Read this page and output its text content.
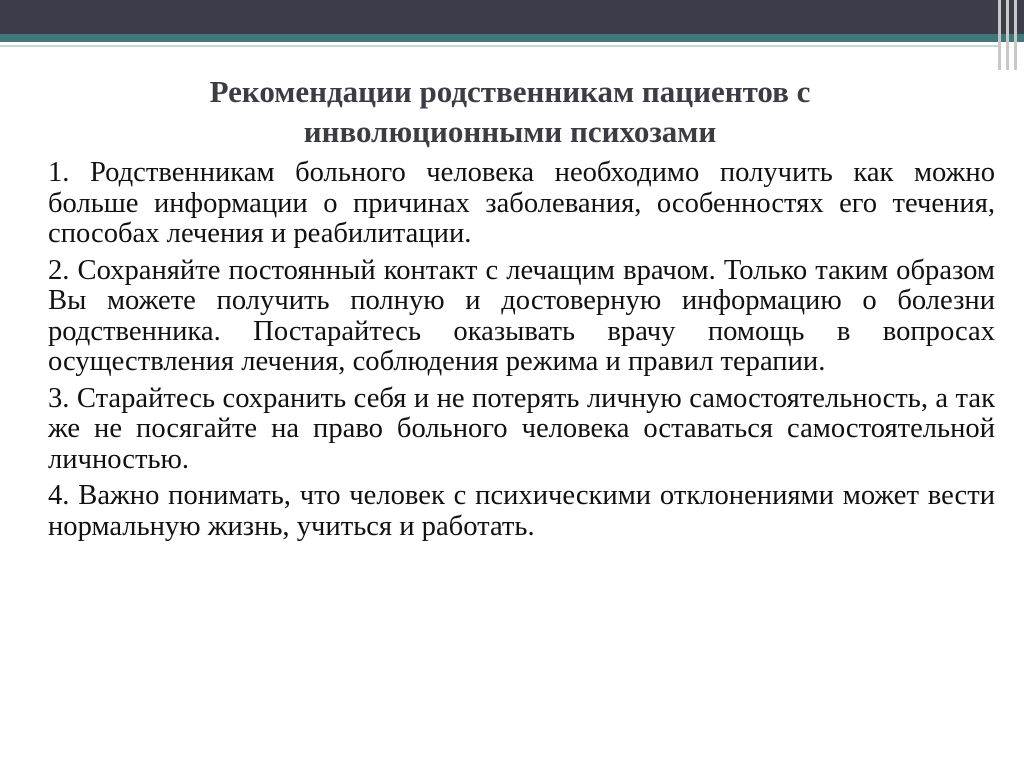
Рекомендации родственникам пациентов с
инволюционными психозами

1. Родственникам больного человека необходимо получить как можно больше информации о причинах заболевания, особенностях его течения, способах лечения и реабилитации.

2. Сохраняйте постоянный контакт с лечащим врачом. Только таким образом Вы можете получить полную и достоверную информацию о болезни родственника. Постарайтесь оказывать врачу помощь в вопросах осуществления лечения, соблюдения режима и правил терапии.

3. Старайтесь сохранить себя и не потерять личную самостоятельность, а так же не посягайте на право больного человека оставаться самостоятельной личностью.

4. Важно понимать, что человек с психическими отклонениями может вести нормальную жизнь, учиться и работать.
